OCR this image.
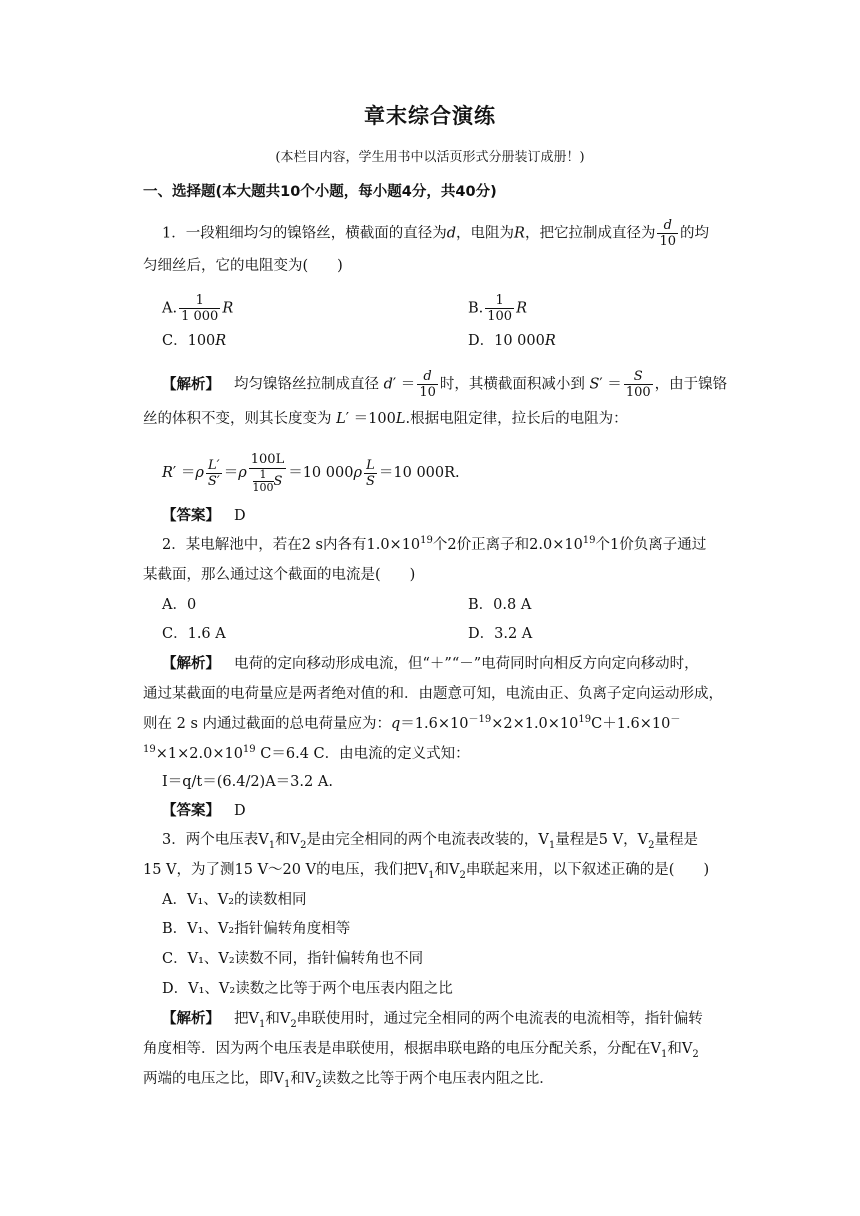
章末综合演练
(本栏目内容，学生用书中以活页形式分册装订成册！)
一、选择题(本大题共10个小题，每小题4分，共40分)
1．一段粗细均匀的镍铬丝，横截面的直径为d，电阻为R，把它拉制成直径为 $\frac{d}{10}$ 的均
匀细丝后，它的电阻变为(　　)
A. $\frac{1}{1 000}$ R	B. $\frac{1}{100}$ R
C．100R	D．10 000R
【解析】 均匀镍铬丝拉制成直径 $d' = \frac{d}{10}$ 时，其横截面积减小到 $S' = \frac{S}{100}$ ，由于镍铬
丝的体积不变，则其长度变为 L′ ＝100L.根据电阻定律，拉长后的电阻为：
$R' =\rho \frac{L'}{S'} =\rho \frac{100L}{\frac{1}{100} S} =10$ $000\rho \frac{L}{S} =10$ 000R.
【答案】 D
2．某电解池中，若在2 s内各有$1.0\times 10^{19}$个2价正离子和$2.0\times 10^{19}$个1价负离子通过
某截面，那么通过这个截面的电流是(　　)
A．0	B．0.8 A
C．1.6 A	D．3.2 A
【解析】 电荷的定向移动形成电流，但“＋”“－”电荷同时向相反方向定向移动时，
通过某截面的电荷量应是两者绝对值的和．由题意可知，电流由正、负离子定向运动形成，
则在 2 s 内通过截面的总电荷量应为：$q=1.6\times 10^{-19}\times 2\times 1.0\times 10^{19}C+1.6\times 10^-$
$^{19}\times 1\times 2.0\times 10^{19}$ C＝6.4 C．由电流的定义式知：
I＝q/t＝(6.4/2)A＝3.2 A.
【答案】 D
3．两个电压表$V_1$和$V_2$是由完全相同的两个电流表改装的，$V_1$量程是5 V，$V_2$量程是
15 V，为了测15 V～20 V的电压，我们把$V_1$和$V_2$串联起来用，以下叙述正确的是(　　)
A．V₁、V₂的读数相同
B．V₁、V₂指针偏转角度相等
C．V₁、V₂读数不同，指针偏转角也不同
D．V₁、V₂读数之比等于两个电压表内阻之比
【解析】 把$V_1$和$V_2$串联使用时，通过完全相同的两个电流表的电流相等，指针偏转
角度相等．因为两个电压表是串联使用，根据串联电路的电压分配关系，分配在$V_1$和$V_2$
两端的电压之比，即$V_1$和$V_2$读数之比等于两个电压表内阻之比．
